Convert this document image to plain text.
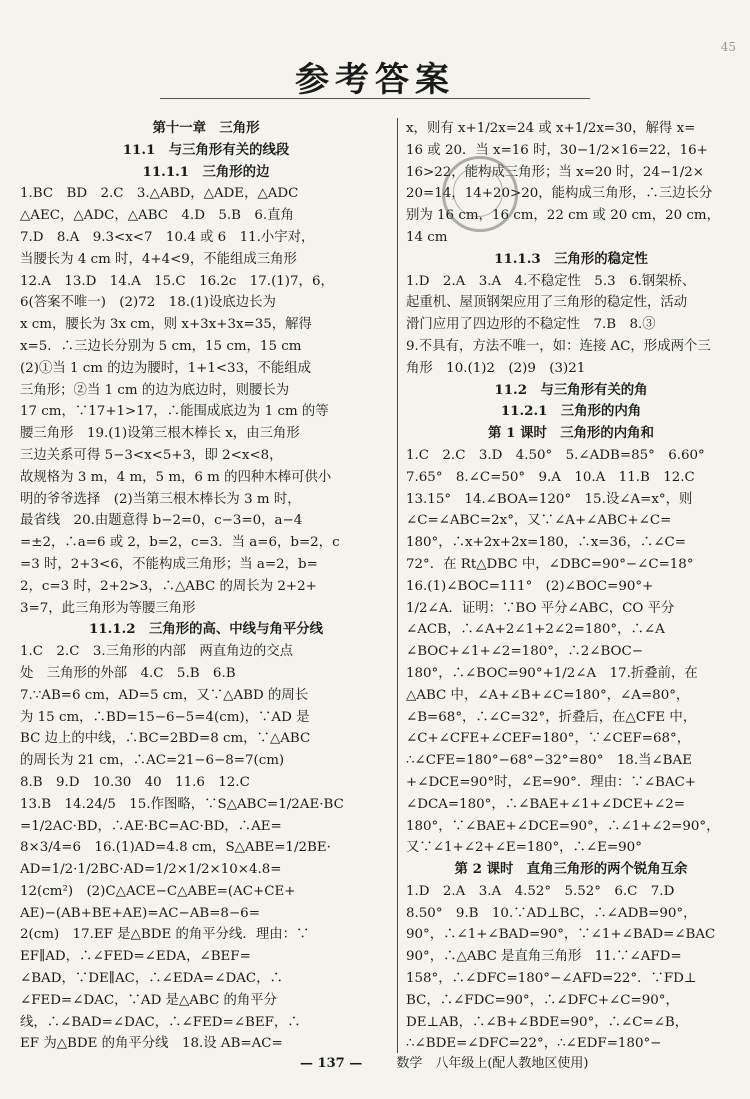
45
参考答案
第十一章　三角形
11.1　与三角形有关的线段
11.1.1　三角形的边
1.BC　BD　2.C　3.△ABD，△ADE，△ADC
△AEC，△ADC，△ABC　4.D　5.B　6.直角
7.D　8.A　9.3<x<7　10.4 或 6　11.小宇对，
当腰长为 4 cm 时，4+4<9，不能组成三角形
12.A　13.D　14.A　15.C　16.2c　17.(1)7，6，
6(答案不唯一)　(2)72　18.(1)设底边长为
x cm，腰长为 3x cm，则 x+3x+3x=35，解得
x=5．∴三边长分别为 5 cm，15 cm，15 cm
(2)①当 1 cm 的边为腰时，1+1<33，不能组成
三角形；②当 1 cm 的边为底边时，则腰长为
17 cm，∵17+1>17，∴能围成底边为 1 cm 的等
腰三角形　19.(1)设第三根木棒长 x，由三角形
三边关系可得 5−3<x<5+3，即 2<x<8，
故规格为 3 m，4 m，5 m，6 m 的四种木棒可供小
明的爷爷选择　(2)当第三根木棒长为 3 m 时，
最省线　20.由题意得 b−2=0，c−3=0，a−4
=±2，∴a=6 或 2，b=2，c=3．当 a=6，b=2，c
=3 时，2+3<6，不能构成三角形；当 a=2，b=
2，c=3 时，2+2>3，∴△ABC 的周长为 2+2+
3=7，此三角形为等腰三角形
11.1.2　三角形的高、中线与角平分线
1.C　2.C　3.三角形的内部　两直角边的交点
处　三角形的外部　4.C　5.B　6.B
7.∵AB=6 cm，AD=5 cm，又∵△ABD 的周长
为 15 cm，∴BD=15−6−5=4(cm)，∵AD 是
BC 边上的中线，∴BC=2BD=8 cm，∵△ABC
的周长为 21 cm，∴AC=21−6−8=7(cm)
8.B　9.D　10.30　40　11.6　12.C
13.B　14.24/5　15.作图略，∵S△ABC=1/2AE·BC
=1/2AC·BD，∴AE·BC=AC·BD，∴AE=
8×3/4=6　16.(1)AD=4.8 cm，S△ABE=1/2BE·
AD=1/2·1/2BC·AD=1/2×1/2×10×4.8=
12(cm²)　(2)C△ACE−C△ABE=(AC+CE+
AE)−(AB+BE+AE)=AC−AB=8−6=
2(cm)　17.EF 是△BDE 的角平分线．理由：∵
EF∥AD，∴∠FED=∠EDA，∠BEF=
∠BAD，∵DE∥AC，∴∠EDA=∠DAC，∴
∠FED=∠DAC，∵AD 是△ABC 的角平分
线，∴∠BAD=∠DAC，∴∠FED=∠BEF，∴
EF 为△BDE 的角平分线　18.设 AB=AC=
x，则有 x+1/2x=24 或 x+1/2x=30，解得 x=
16 或 20．当 x=16 时，30−1/2×16=22，16+
16>22，能构成三角形；当 x=20 时，24−1/2×
20=14，14+20>20，能构成三角形，∴三边长分
别为 16 cm，16 cm，22 cm 或 20 cm，20 cm，
14 cm
11.1.3　三角形的稳定性
1.D　2.A　3.A　4.不稳定性　5.3　6.钢架桥、
起重机、屋顶钢架应用了三角形的稳定性，活动
滑门应用了四边形的不稳定性　7.B　8.③
9.不具有，方法不唯一，如：连接 AC，形成两个三
角形　10.(1)2　(2)9　(3)21
11.2　与三角形有关的角
11.2.1　三角形的内角
第 1 课时　三角形的内角和
1.C　2.C　3.D　4.50°　5.∠ADB=85°　6.60°
7.65°　8.∠C=50°　9.A　10.A　11.B　12.C
13.15°　14.∠BOA=120°　15.设∠A=x°，则
∠C=∠ABC=2x°，又∵∠A+∠ABC+∠C=
180°，∴x+2x+2x=180，∴x=36，∴∠C=
72°．在 Rt△DBC 中，∠DBC=90°−∠C=18°
16.(1)∠BOC=111°　(2)∠BOC=90°+
1/2∠A．证明：∵BO 平分∠ABC，CO 平分
∠ACB，∴∠A+2∠1+2∠2=180°，∴∠A
∠BOC+∠1+∠2=180°，∴2∠BOC−
180°，∴∠BOC=90°+1/2∠A　17.折叠前，在
△ABC 中，∠A+∠B+∠C=180°，∠A=80°，
∠B=68°，∴∠C=32°，折叠后，在△CFE 中，
∠C+∠CFE+∠CEF=180°，∵∠CEF=68°，
∴∠CFE=180°−68°−32°=80°　18.当∠BAE
+∠DCE=90°时，∠E=90°．理由：∵∠BAC+
∠DCA=180°，∴∠BAE+∠1+∠DCE+∠2=
180°，∵∠BAE+∠DCE=90°，∴∠1+∠2=90°，
又∵∠1+∠2+∠E=180°，∴∠E=90°
第 2 课时　直角三角形的两个锐角互余
1.D　2.A　3.A　4.52°　5.52°　6.C　7.D
8.50°　9.B　10.∵AD⊥BC，∴∠ADB=90°，
90°，∴∠1+∠BAD=90°，∵∠1+∠BAD=∠BAC
90°，∴△ABC 是直角三角形　11.∵∠AFD=
158°，∴∠DFC=180°−∠AFD=22°．∵FD⊥
BC，∴∠FDC=90°，∴∠DFC+∠C=90°，
DE⊥AB，∴∠B+∠BDE=90°，∴∠C=∠B，
∴∠BDE=∠DFC=22°，∴∠EDF=180°−
— 137 —	数学　八年级上(配人教地区使用)
